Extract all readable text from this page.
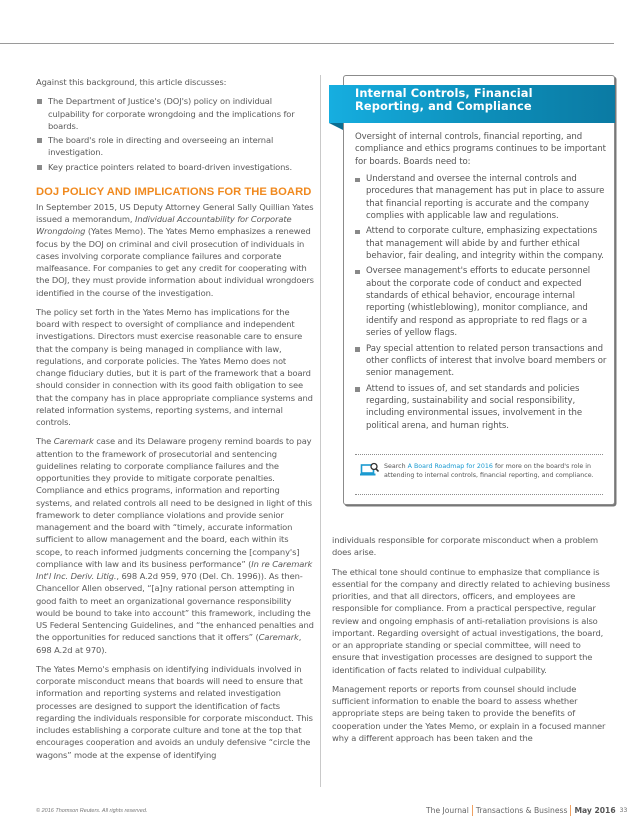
Against this background, this article discusses:

The Department of Justice's (DOJ's) policy on individual culpability for corporate wrongdoing and the implications for boards.
The board's role in directing and overseeing an internal investigation.
Key practice pointers related to board-driven investigations.
DOJ POLICY AND IMPLICATIONS FOR THE BOARD

In September 2015, US Deputy Attorney General Sally Quillian Yates issued a memorandum, Individual Accountability for Corporate Wrongdoing (Yates Memo). The Yates Memo emphasizes a renewed focus by the DOJ on criminal and civil prosecution of individuals in cases involving corporate compliance failures and corporate malfeasance. For companies to get any credit for cooperating with the DOJ, they must provide information about individual wrongdoers identified in the course of the investigation.

The policy set forth in the Yates Memo has implications for the board with respect to oversight of compliance and independent investigations. Directors must exercise reasonable care to ensure that the company is being managed in compliance with law, regulations, and corporate policies. The Yates Memo does not change fiduciary duties, but it is part of the framework that a board should consider in connection with its good faith obligation to see that the company has in place appropriate compliance systems and related information systems, reporting systems, and internal controls.

The Caremark case and its Delaware progeny remind boards to pay attention to the framework of prosecutorial and sentencing guidelines relating to corporate compliance failures and the opportunities they provide to mitigate corporate penalties. Compliance and ethics programs, information and reporting systems, and related controls all need to be designed in light of this framework to deter compliance violations and provide senior management and the board with “timely, accurate information sufficient to allow management and the board, each within its scope, to reach informed judgments concerning the [company's] compliance with law and its business performance” (In re Caremark Int'l Inc. Deriv. Litig., 698 A.2d 959, 970 (Del. Ch. 1996)). As then-Chancellor Allen observed, “[a]ny rational person attempting in good faith to meet an organizational governance responsibility would be bound to take into account” this framework, including the US Federal Sentencing Guidelines, and “the enhanced penalties and the opportunities for reduced sanctions that it offers” (Caremark, 698 A.2d at 970).

The Yates Memo's emphasis on identifying individuals involved in corporate misconduct means that boards will need to ensure that information and reporting systems and related investigation processes are designed to support the identification of facts regarding the individuals responsible for corporate misconduct. This includes establishing a corporate culture and tone at the top that encourages cooperation and avoids an unduly defensive “circle the wagons” mode at the expense of identifying

Internal Controls, Financial Reporting, and Compliance

Oversight of internal controls, financial reporting, and compliance and ethics programs continues to be important for boards. Boards need to:

Understand and oversee the internal controls and procedures that management has put in place to assure that financial reporting is accurate and the company complies with applicable law and regulations.
Attend to corporate culture, emphasizing expectations that management will abide by and further ethical behavior, fair dealing, and integrity within the company.
Oversee management's efforts to educate personnel about the corporate code of conduct and expected standards of ethical behavior, encourage internal reporting (whistleblowing), monitor compliance, and identify and respond as appropriate to red flags or a series of yellow flags.
Pay special attention to related person transactions and other conflicts of interest that involve board members or senior management.
Attend to issues of, and set standards and policies regarding, sustainability and social responsibility, including environmental issues, involvement in the political arena, and human rights.
Search A Board Roadmap for 2016 for more on the board's role in attending to internal controls, financial reporting, and compliance.

individuals responsible for corporate misconduct when a problem does arise.

The ethical tone should continue to emphasize that compliance is essential for the company and directly related to achieving business priorities, and that all directors, officers, and employees are responsible for compliance. From a practical perspective, regular review and ongoing emphasis of anti-retaliation provisions is also important. Regarding oversight of actual investigations, the board, or an appropriate standing or special committee, will need to ensure that investigation processes are designed to support the identification of facts related to individual culpability.

Management reports or reports from counsel should include sufficient information to enable the board to assess whether appropriate steps are being taken to provide the benefits of cooperation under the Yates Memo, or explain in a focused manner why a different approach has been taken and the

© 2016 Thomson Reuters. All rights reserved.	The Journal Transactions & Business May 2016 33
